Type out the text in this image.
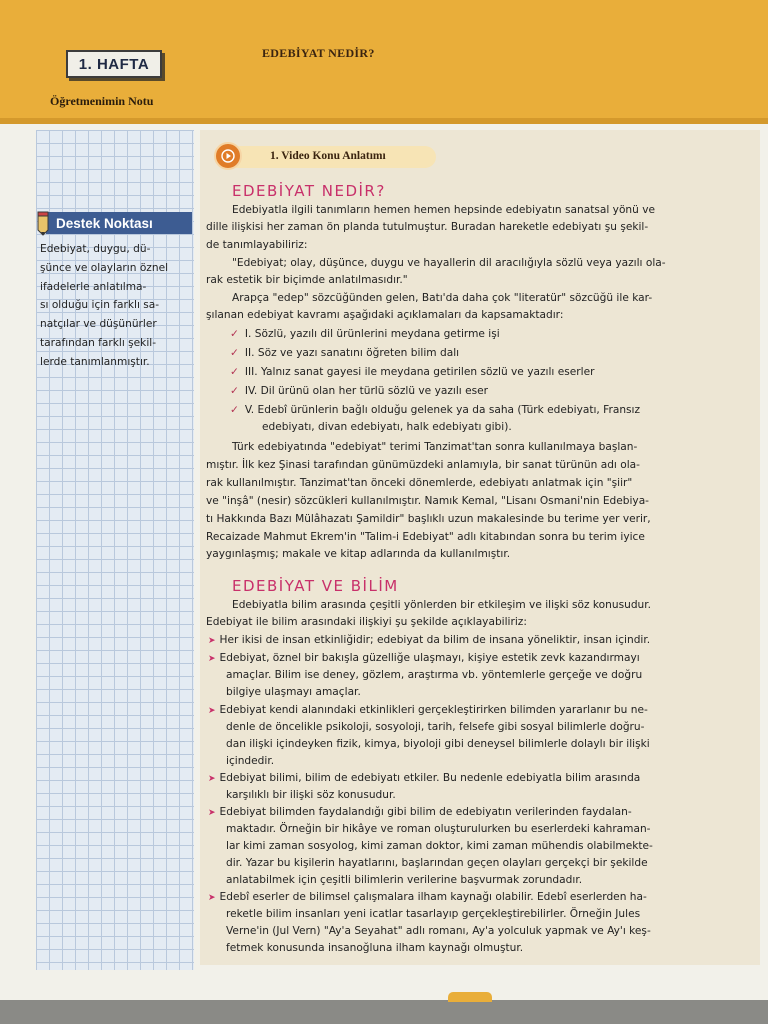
1. HAFTA
EDEBİYAT NEDİR?
Öğretmenimin Notu
Destek Noktası
Edebiyat, duygu, dü-
şünce ve olayların öznel
ifadelerle anlatılma-
sı olduğu için farklı sa-
natçılar ve düşünürler
tarafından farklı şekil-
lerde tanımlanmıştır.
1. Video Konu Anlatımı
EDEBİYAT NEDİR?
Edebiyatla ilgili tanımların hemen hemen hepsinde edebiyatın sanatsal yönü ve
dille ilişkisi her zaman ön planda tutulmuştur. Buradan hareketle edebiyatı şu şekil-
de tanımlayabiliriz:
"Edebiyat; olay, düşünce, duygu ve hayallerin dil aracılığıyla sözlü veya yazılı ola-
rak estetik bir biçimde anlatılmasıdır."
Arapça "edep" sözcüğünden gelen, Batı'da daha çok "literatür" sözcüğü ile kar-
şılanan edebiyat kavramı aşağıdaki açıklamaları da kapsamaktadır:
✓ I. Sözlü, yazılı dil ürünlerini meydana getirme işi
✓ II. Söz ve yazı sanatını öğreten bilim dalı
✓ III. Yalnız sanat gayesi ile meydana getirilen sözlü ve yazılı eserler
✓ IV. Dil ürünü olan her türlü sözlü ve yazılı eser
✓ V. Edebî ürünlerin bağlı olduğu gelenek ya da saha (Türk edebiyatı, Fransız
edebiyatı, divan edebiyatı, halk edebiyatı gibi).
Türk edebiyatında "edebiyat" terimi Tanzimat'tan sonra kullanılmaya başlan-
mıştır. İlk kez Şinasi tarafından günümüzdeki anlamıyla, bir sanat türünün adı ola-
rak kullanılmıştır. Tanzimat'tan önceki dönemlerde, edebiyatı anlatmak için "şiir"
ve "inşâ" (nesir) sözcükleri kullanılmıştır. Namık Kemal, "Lisanı Osmani'nin Edebiya-
tı Hakkında Bazı Mülâhazatı Şamildir" başlıklı uzun makalesinde bu terime yer verir,
Recaizade Mahmut Ekrem'in "Talim-i Edebiyat" adlı kitabından sonra bu terim iyice
yaygınlaşmış; makale ve kitap adlarında da kullanılmıştır.
EDEBİYAT VE BİLİM
Edebiyatla bilim arasında çeşitli yönlerden bir etkileşim ve ilişki söz konusudur.
Edebiyat ile bilim arasındaki ilişkiyi şu şekilde açıklayabiliriz:
➤ Her ikisi de insan etkinliğidir; edebiyat da bilim de insana yöneliktir, insan içindir.
➤ Edebiyat, öznel bir bakışla güzelliğe ulaşmayı, kişiye estetik zevk kazandırmayı
amaçlar. Bilim ise deney, gözlem, araştırma vb. yöntemlerle gerçeğe ve doğru
bilgiye ulaşmayı amaçlar.
➤ Edebiyat kendi alanındaki etkinlikleri gerçekleştirirken bilimden yararlanır bu ne-
denle de öncelikle psikoloji, sosyoloji, tarih, felsefe gibi sosyal bilimlerle doğru-
dan ilişki içindeyken fizik, kimya, biyoloji gibi deneysel bilimlerle dolaylı bir ilişki
içindedir.
➤ Edebiyat bilimi, bilim de edebiyatı etkiler. Bu nedenle edebiyatla bilim arasında
karşılıklı bir ilişki söz konusudur.
➤ Edebiyat bilimden faydalandığı gibi bilim de edebiyatın verilerinden faydalan-
maktadır. Örneğin bir hikâye ve roman oluşturulurken bu eserlerdeki kahraman-
lar kimi zaman sosyolog, kimi zaman doktor, kimi zaman mühendis olabilmekte-
dir. Yazar bu kişilerin hayatlarını, başlarından geçen olayları gerçekçi bir şekilde
anlatabilmek için çeşitli bilimlerin verilerine başvurmak zorundadır.
➤ Edebî eserler de bilimsel çalışmalara ilham kaynağı olabilir. Edebî eserlerden ha-
reketle bilim insanları yeni icatlar tasarlayıp gerçekleştirebilirler. Örneğin Jules
Verne'in (Jul Vern) "Ay'a Seyahat" adlı romanı, Ay'a yolculuk yapmak ve Ay'ı keş-
fetmek konusunda insanoğluna ilham kaynağı olmuştur.
